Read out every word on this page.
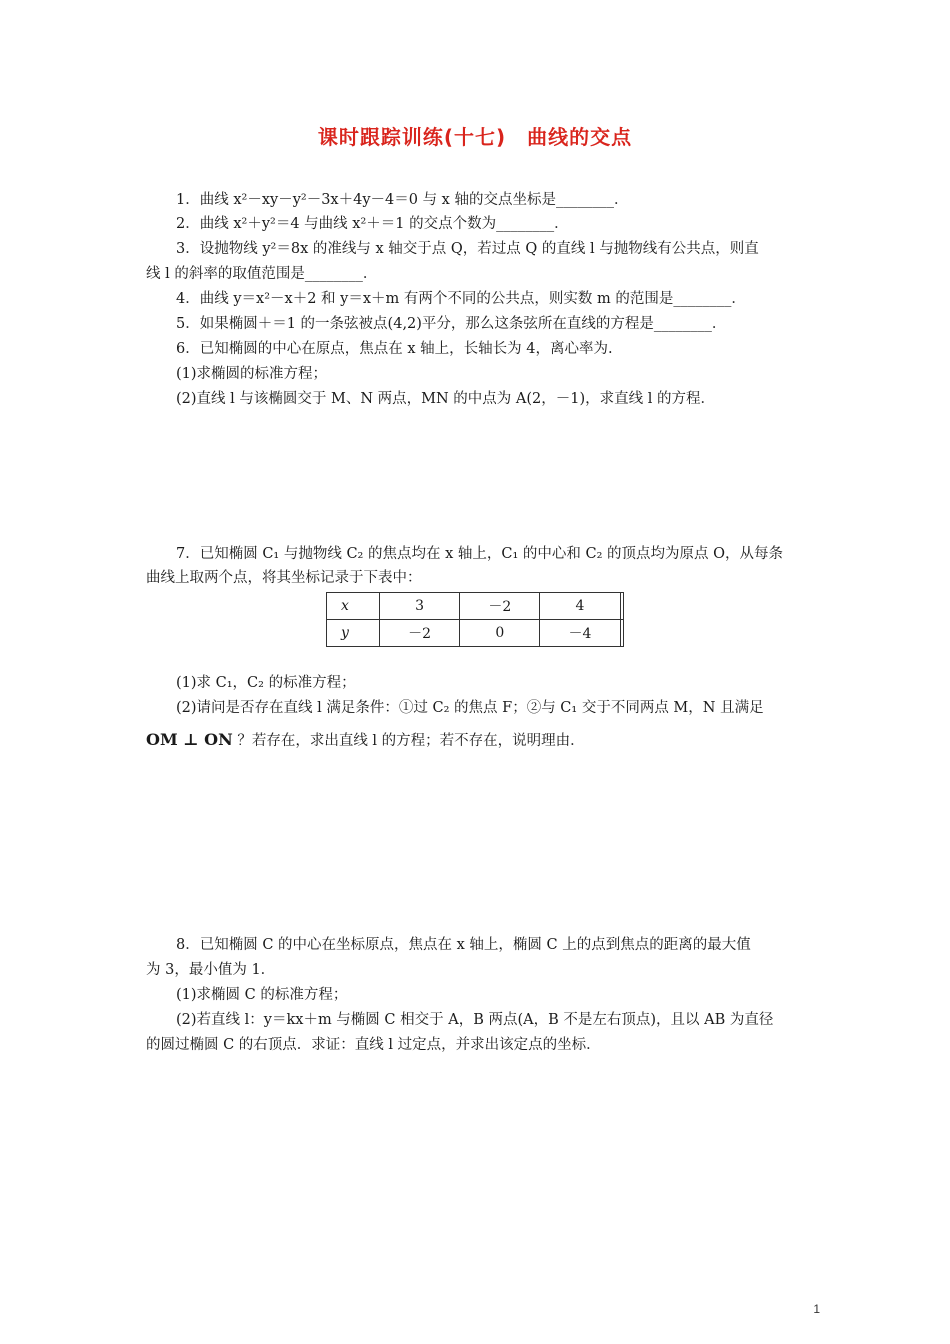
课时跟踪训练(十七)　曲线的交点
1．曲线 x²－xy－y²－3x＋4y－4＝0 与 x 轴的交点坐标是________．
2．曲线 x²＋y²＝4 与曲线 x²＋＝1 的交点个数为________．
3．设抛物线 y²＝8x 的准线与 x 轴交于点 Q，若过点 Q 的直线 l 与抛物线有公共点，则直
线 l 的斜率的取值范围是________．
4．曲线 y＝x²－x＋2 和 y＝x＋m 有两个不同的公共点，则实数 m 的范围是________．
5．如果椭圆＋＝1 的一条弦被点(4,2)平分，那么这条弦所在直线的方程是________．
6．已知椭圆的中心在原点，焦点在 x 轴上，长轴长为 4，离心率为.
(1)求椭圆的标准方程；
(2)直线 l 与该椭圆交于 M、N 两点，MN 的中点为 A(2，－1)，求直线 l 的方程．
7．已知椭圆 C₁ 与抛物线 C₂ 的焦点均在 x 轴上，C₁ 的中心和 C₂ 的顶点均为原点 O，从每条
曲线上取两个点，将其坐标记录于下表中：
x	3	－2	4	
y	－2	0	－4	
(1)求 C₁，C₂ 的标准方程；
(2)请问是否存在直线 l 满足条件：①过 C₂ 的焦点 F；②与 C₁ 交于不同两点 M，N 且满足
OM ⊥ ON ？若存在，求出直线 l 的方程；若不存在，说明理由．
8．已知椭圆 C 的中心在坐标原点，焦点在 x 轴上，椭圆 C 上的点到焦点的距离的最大值
为 3，最小值为 1．
(1)求椭圆 C 的标准方程；
(2)若直线 l：y＝kx＋m 与椭圆 C 相交于 A，B 两点(A，B 不是左右顶点)，且以 AB 为直径
的圆过椭圆 C 的右顶点．求证：直线 l 过定点，并求出该定点的坐标．
1
